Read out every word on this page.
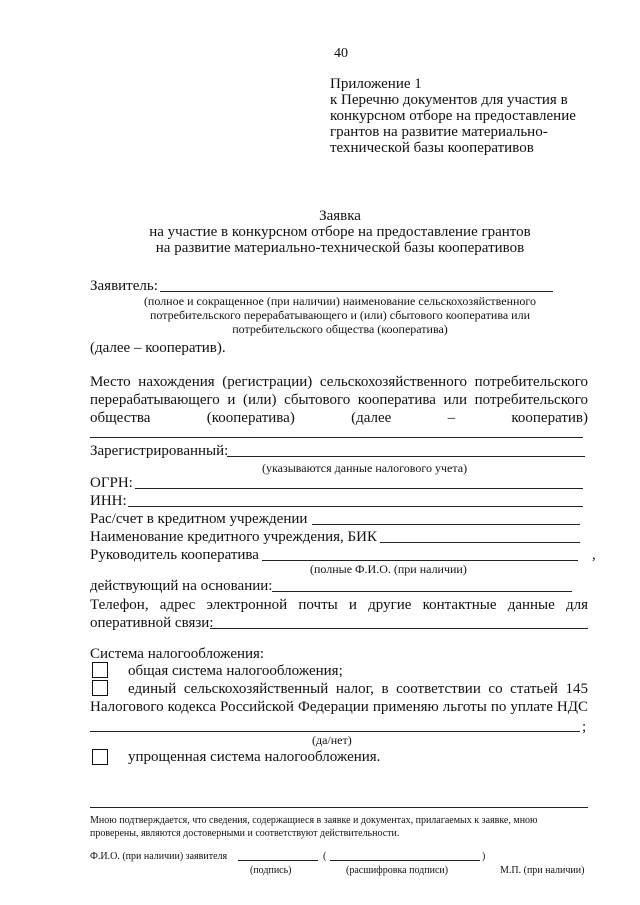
40
Приложение 1
к Перечню документов для участия в
конкурсном отборе на предоставление
грантов на развитие материально-
технической базы кооперативов
Заявка
на участие в конкурсном отборе на предоставление грантов
на развитие материально-технической базы кооперативов
Заявитель:
(полное и сокращенное (при наличии) наименование сельскохозяйственного
потребительского перерабатывающего и (или) сбытового кооператива или
потребительского общества (кооператива)
(далее – кооператив).
Место нахождения (регистрации) сельскохозяйственного потребительского
перерабатывающего и (или) сбытового кооператива или потребительского
общества	(кооператива)	(далее	–	кооператив)
Зарегистрированный:
(указываются данные налогового учета)
ОГРН:
ИНН:
Рас/счет в кредитном учреждении
Наименование кредитного учреждения, БИК
Руководитель кооператива	,
(полные Ф.И.О. (при наличии)
действующий на основании:
Телефон, адрес электронной почты и другие контактные данные для
оперативной связи:
Система налогообложения:
общая система налогообложения;
единый сельскохозяйственный налог, в соответствии со статьей 145
Налогового кодекса Российской Федерации применяю льготы по уплате НДС
;
(да/нет)
упрощенная система налогообложения.
Мною подтверждается, что сведения, содержащиеся в заявке и документах, прилагаемых к заявке, мною
проверены, являются достоверными и соответствуют действительности.
Ф.И.О. (при наличии) заявителя	(	)
(подпись)	(расшифровка подписи)	М.П. (при наличии)
